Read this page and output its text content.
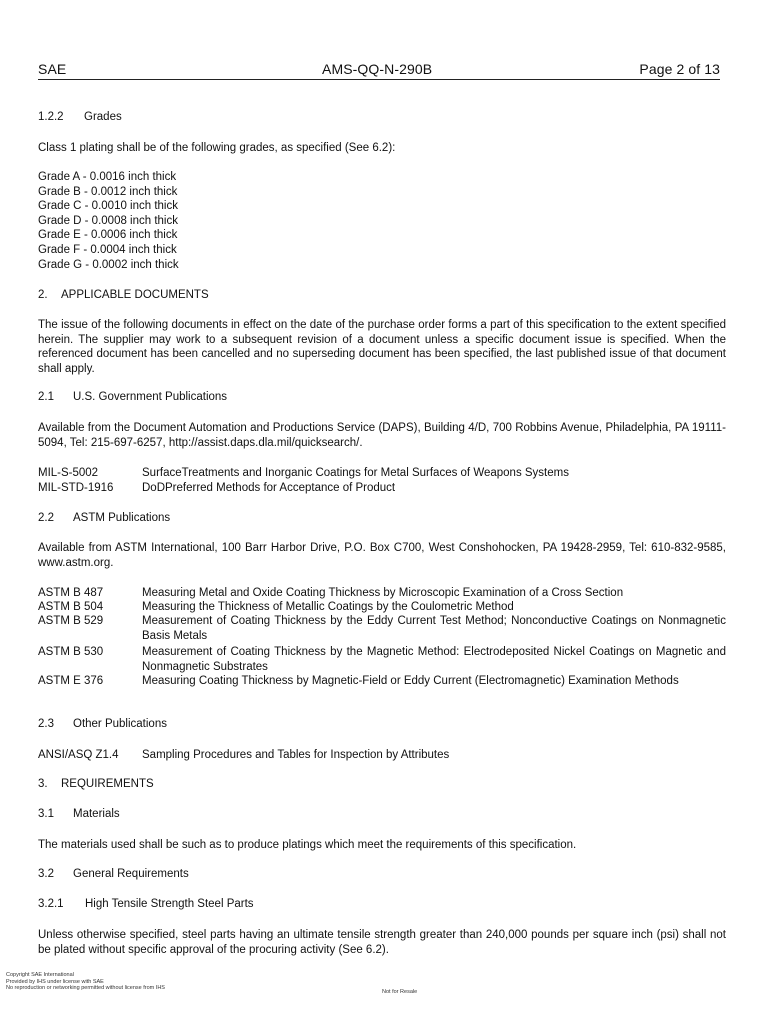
SAE	AMS-QQ-N-290B	Page 2 of 13
1.2.2 Grades
Class 1 plating shall be of the following grades, as specified (See 6.2):
Grade A - 0.0016 inch thick
Grade B - 0.0012 inch thick
Grade C - 0.0010 inch thick
Grade D - 0.0008 inch thick
Grade E - 0.0006 inch thick
Grade F - 0.0004 inch thick
Grade G - 0.0002 inch thick
2. APPLICABLE DOCUMENTS
The issue of the following documents in effect on the date of the purchase order forms a part of this specification to the extent specified herein. The supplier may work to a subsequent revision of a document unless a specific document issue is specified. When the referenced document has been cancelled and no superseding document has been specified, the last published issue of that document shall apply.
2.1 U.S. Government Publications
Available from the Document Automation and Productions Service (DAPS), Building 4/D, 700 Robbins Avenue, Philadelphia, PA 19111-5094, Tel: 215-697-6257, http://assist.daps.dla.mil/quicksearch/.
MIL-S-5002	SurfaceTreatments and Inorganic Coatings for Metal Surfaces of Weapons Systems
MIL-STD-1916 DoDPreferred Methods for Acceptance of Product
2.2 ASTM Publications
Available from ASTM International, 100 Barr Harbor Drive, P.O. Box C700, West Conshohocken, PA 19428-2959, Tel: 610-832-9585, www.astm.org.
ASTM B 487	Measuring Metal and Oxide Coating Thickness by Microscopic Examination of a Cross Section
ASTM B 504	Measuring the Thickness of Metallic Coatings by the Coulometric Method
ASTM B 529	Measurement of Coating Thickness by the Eddy Current Test Method; Nonconductive Coatings on Nonmagnetic Basis Metals
ASTM B 530	Measurement of Coating Thickness by the Magnetic Method: Electrodeposited Nickel Coatings on Magnetic and Nonmagnetic Substrates
ASTM E 376	Measuring Coating Thickness by Magnetic-Field or Eddy Current (Electromagnetic) Examination Methods
2.3 Other Publications
ANSI/ASQ Z1.4 Sampling Procedures and Tables for Inspection by Attributes
3. REQUIREMENTS
3.1 Materials
The materials used shall be such as to produce platings which meet the requirements of this specification.
3.2 General Requirements
3.2.1 High Tensile Strength Steel Parts
Unless otherwise specified, steel parts having an ultimate tensile strength greater than 240,000 pounds per square inch (psi) shall not be plated without specific approval of the procuring activity (See 6.2).
Copyright SAE International
Provided by IHS under license with SAE
No reproduction or networking permitted without license from IHS
Not for Resale
